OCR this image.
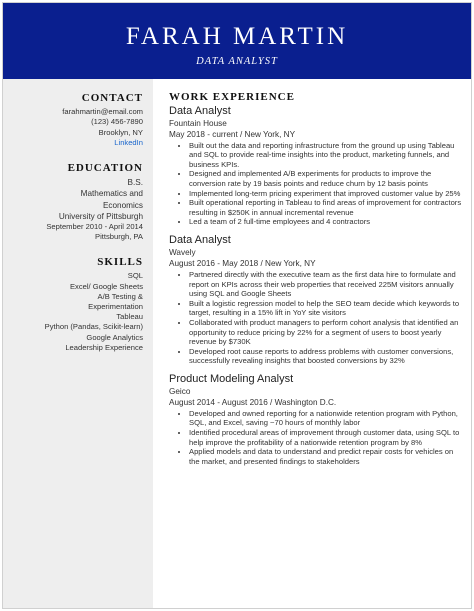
FARAH MARTIN
DATA ANALYST
CONTACT
farahmartin@email.com
(123) 456-7890
Brooklyn, NY
LinkedIn
EDUCATION
B.S.
Mathematics and
Economics
University of Pittsburgh
September 2010 - April 2014
Pittsburgh, PA
SKILLS
SQL
Excel/ Google Sheets
A/B Testing &
Experimentation
Tableau
Python (Pandas, Scikit-learn)
Google Analytics
Leadership Experience
WORK EXPERIENCE
Data Analyst
Fountain House
May 2018 - current / New York, NY
• Built out the data and reporting infrastructure from the ground up using Tableau and SQL to provide real-time insights into the product, marketing funnels, and business KPIs.
• Designed and implemented A/B experiments for products to improve the conversion rate by 19 basis points and reduce churn by 12 basis points
• Implemented long-term pricing experiment that improved customer value by 25%
• Built operational reporting in Tableau to find areas of improvement for contractors resulting in $250K in annual incremental revenue
• Led a team of 2 full-time employees and 4 contractors
Data Analyst
Wavely
August 2016 - May 2018 / New York, NY
• Partnered directly with the executive team as the first data hire to formulate and report on KPIs across their web properties that received 225M visitors annually using SQL and Google Sheets
• Built a logistic regression model to help the SEO team decide which keywords to target, resulting in a 15% lift in YoY site visitors
• Collaborated with product managers to perform cohort analysis that identified an opportunity to reduce pricing by 22% for a segment of users to boost yearly revenue by $730K
• Developed root cause reports to address problems with customer conversions, successfully revealing insights that boosted conversions by 32%
Product Modeling Analyst
Geico
August 2014 - August 2016 / Washington D.C.
• Developed and owned reporting for a nationwide retention program with Python, SQL, and Excel, saving ~70 hours of monthly labor
• Identified procedural areas of improvement through customer data, using SQL to help improve the profitability of a nationwide retention program by 8%
• Applied models and data to understand and predict repair costs for vehicles on the market, and presented findings to stakeholders
